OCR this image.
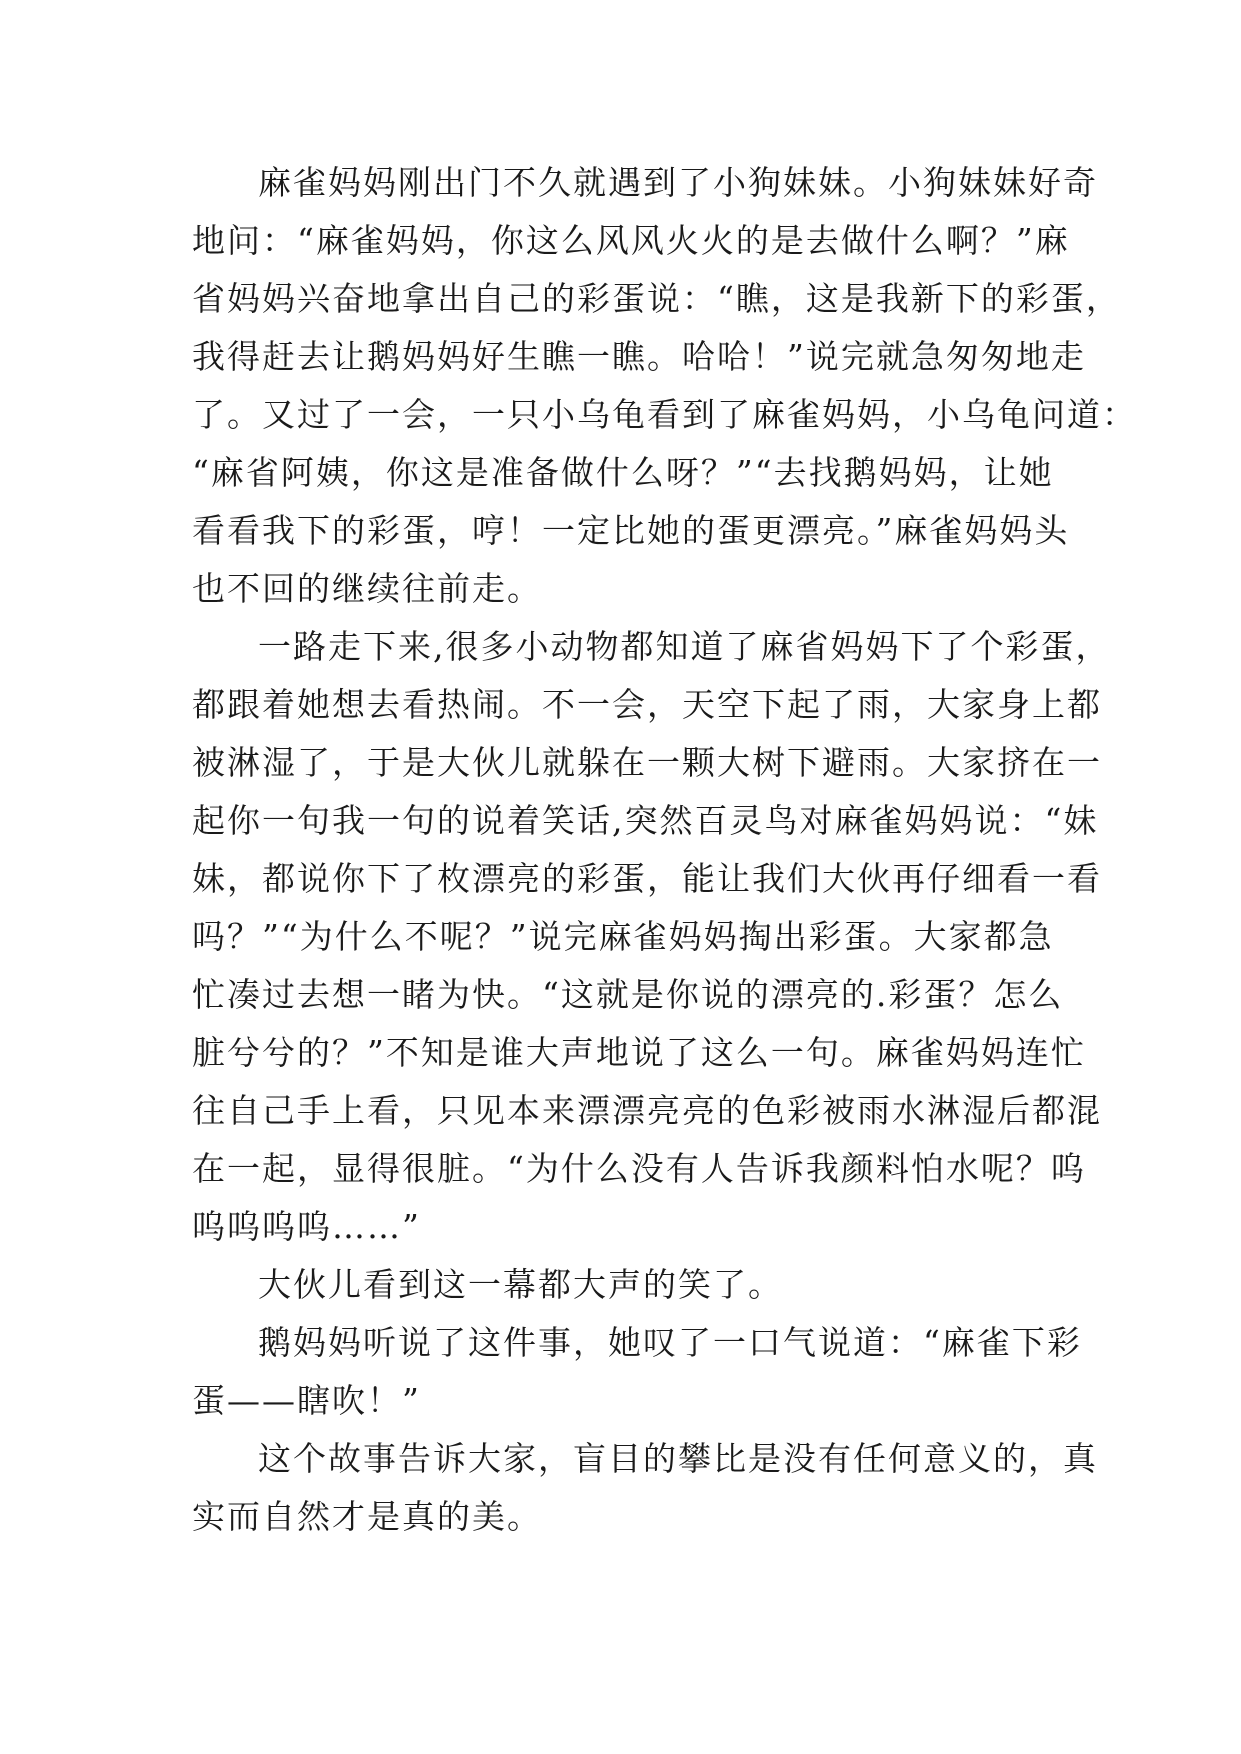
麻雀妈妈刚出门不久就遇到了小狗妹妹。小狗妹妹好奇
地问：“麻雀妈妈，你这么风风火火的是去做什么啊？”麻
省妈妈兴奋地拿出自己的彩蛋说：“瞧，这是我新下的彩蛋，
我得赶去让鹅妈妈好生瞧一瞧。哈哈！”说完就急匆匆地走
了。又过了一会，一只小乌龟看到了麻雀妈妈，小乌龟问道：
“麻省阿姨，你这是准备做什么呀？”“去找鹅妈妈，让她
看看我下的彩蛋，哼！一定比她的蛋更漂亮。”麻雀妈妈头
也不回的继续往前走。
一路走下来,很多小动物都知道了麻省妈妈下了个彩蛋，
都跟着她想去看热闹。不一会，天空下起了雨，大家身上都
被淋湿了，于是大伙儿就躲在一颗大树下避雨。大家挤在一
起你一句我一句的说着笑话,突然百灵鸟对麻雀妈妈说：“妹
妹，都说你下了枚漂亮的彩蛋，能让我们大伙再仔细看一看
吗？”“为什么不呢？”说完麻雀妈妈掏出彩蛋。大家都急
忙凑过去想一睹为快。“这就是你说的漂亮的.彩蛋？怎么
脏兮兮的？”不知是谁大声地说了这么一句。麻雀妈妈连忙
往自己手上看，只见本来漂漂亮亮的色彩被雨水淋湿后都混
在一起，显得很脏。“为什么没有人告诉我颜料怕水呢？呜
呜呜呜呜……”
大伙儿看到这一幕都大声的笑了。
鹅妈妈听说了这件事，她叹了一口气说道：“麻雀下彩
蛋——瞎吹！”
这个故事告诉大家，盲目的攀比是没有任何意义的，真
实而自然才是真的美。
